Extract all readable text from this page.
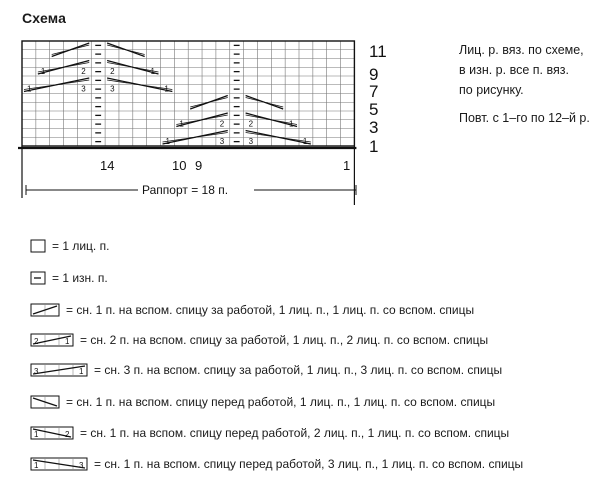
Схема
1	2
1	3
2	1
3	1
1	2
1	3
2	1
3	1
11
9
7
5
3
1
14	10 9	1
Раппорт = 18 п.
Лиц. р. вяз. по схеме,
в изн. р. все п. вяз.
по рисунку.
Повт. с 1–го по 12–й р.
= 1 лиц. п.
= 1 изн. п.
= сн. 1 п. на вспом. спицу за работой, 1 лиц. п., 1 лиц. п. со вспом. спицы
2	1 = сн. 2 п. на вспом. спицу за работой, 1 лиц. п., 2 лиц. п. со вспом. спицы
3	1 = сн. 3 п. на вспом. спицу за работой, 1 лиц. п., 3 лиц. п. со вспом. спицы
= сн. 1 п. на вспом. спицу перед работой, 1 лиц. п., 1 лиц. п. со вспом. спицы
1	2 = сн. 1 п. на вспом. спицу перед работой, 2 лиц. п., 1 лиц. п. со вспом. спицы
1	3 = сн. 1 п. на вспом. спицу перед работой, 3 лиц. п., 1 лиц. п. со вспом. спицы
